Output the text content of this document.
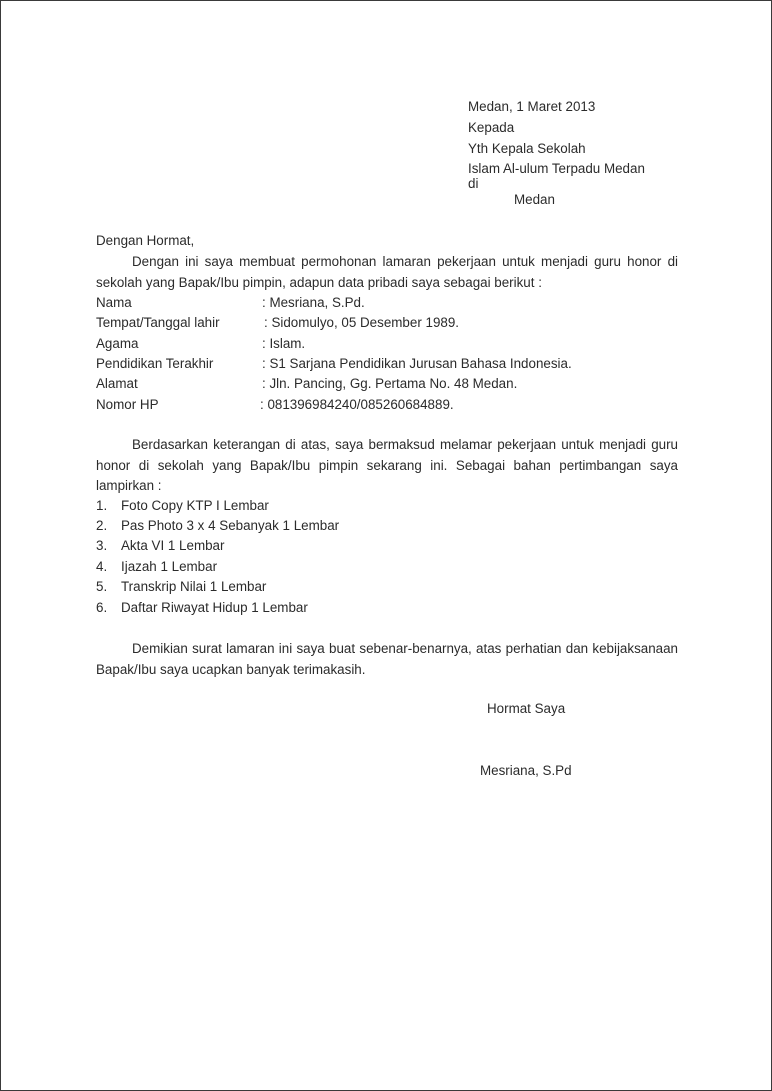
Medan, 1 Maret 2013
Kepada
Yth Kepala Sekolah
Islam Al-ulum Terpadu Medan
di
Medan
Dengan Hormat,
Dengan ini saya membuat permohonan lamaran pekerjaan untuk menjadi guru honor di sekolah yang Bapak/Ibu pimpin, adapun data pribadi saya sebagai berikut :
Nama	: Mesriana, S.Pd.
Tempat/Tanggal lahir	: Sidomulyo, 05 Desember 1989.
Agama	: Islam.
Pendidikan Terakhir	: S1 Sarjana Pendidikan Jurusan Bahasa Indonesia.
Alamat	: Jln. Pancing, Gg. Pertama No. 48 Medan.
Nomor HP	: 081396984240/085260684889.
Berdasarkan keterangan di atas, saya bermaksud melamar pekerjaan untuk menjadi guru honor di sekolah yang Bapak/Ibu pimpin sekarang ini. Sebagai bahan pertimbangan saya lampirkan :
1. Foto Copy KTP I Lembar
2. Pas Photo 3 x 4 Sebanyak 1 Lembar
3. Akta VI 1 Lembar
4. Ijazah 1 Lembar
5. Transkrip Nilai 1 Lembar
6. Daftar Riwayat Hidup 1 Lembar
Demikian surat lamaran ini saya buat sebenar-benarnya, atas perhatian dan kebijaksanaan Bapak/Ibu saya ucapkan banyak terimakasih.
Hormat Saya
Mesriana, S.Pd
